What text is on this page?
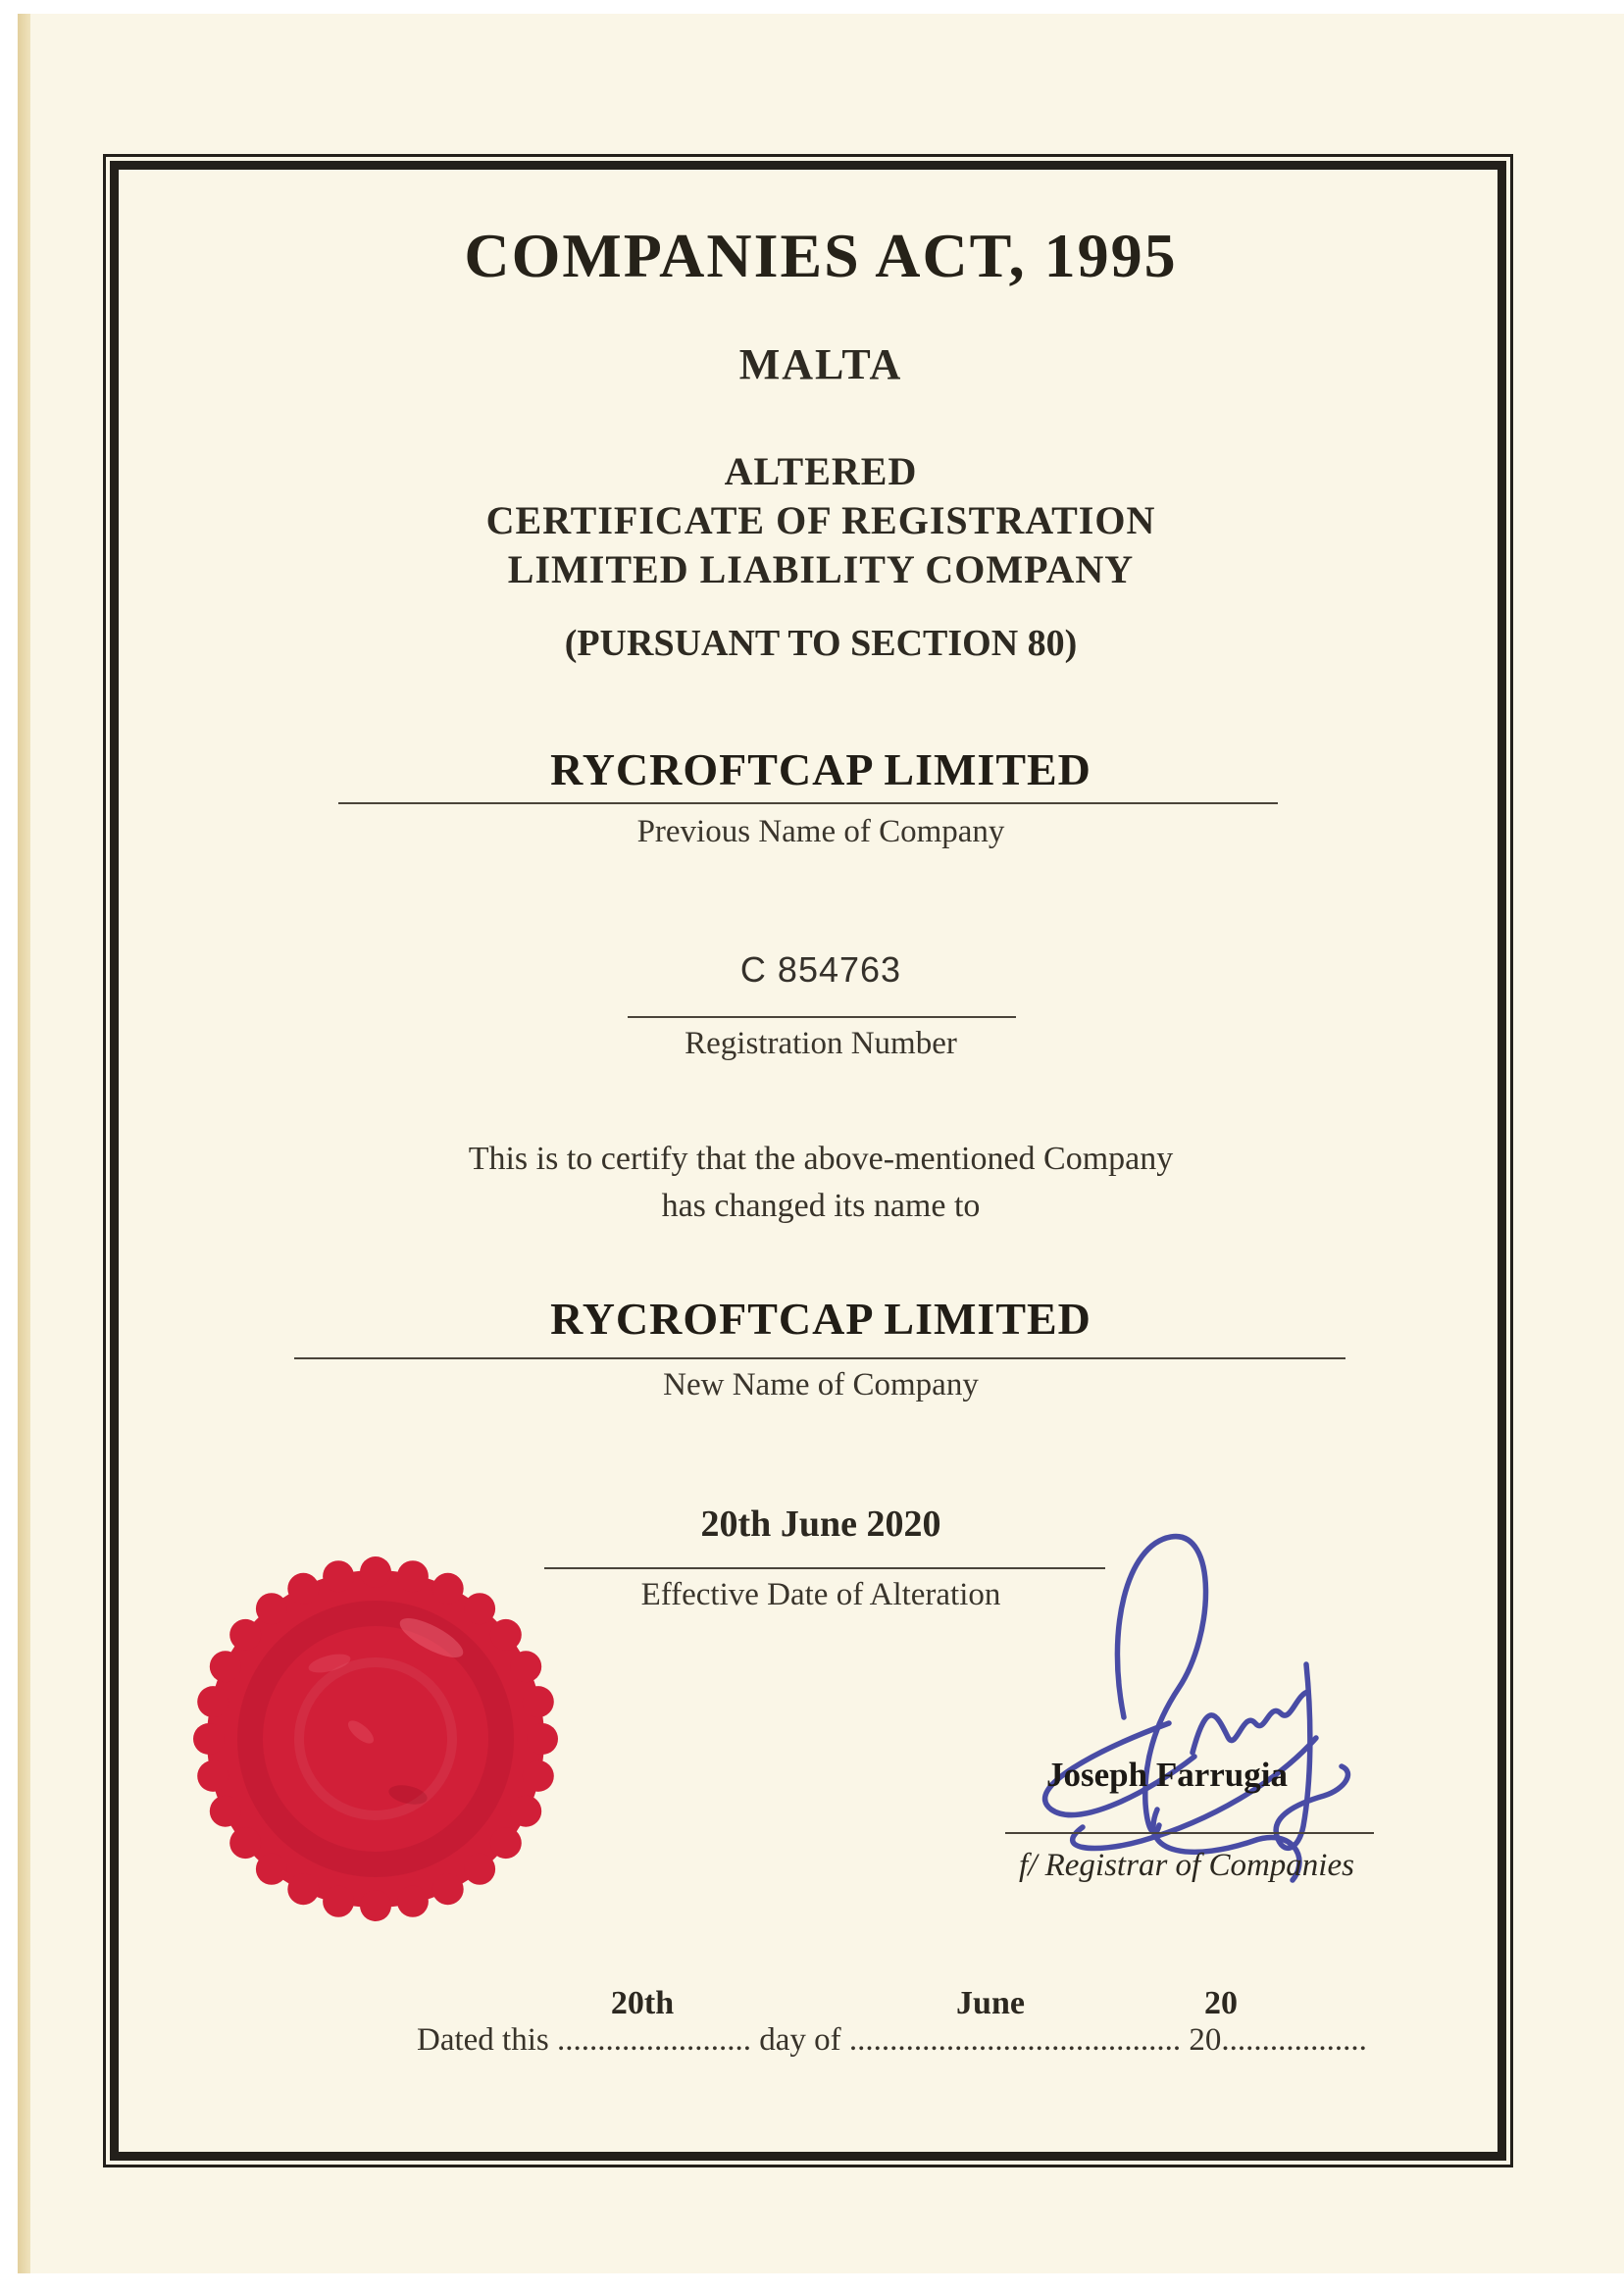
COMPANIES ACT, 1995
MALTA
ALTERED
CERTIFICATE OF REGISTRATION
LIMITED LIABILITY COMPANY
(PURSUANT TO SECTION 80)
RYCROFTCAP LIMITED
Previous Name of Company
C 854763
Registration Number
This is to certify that the above-mentioned Company
has changed its name to
RYCROFTCAP LIMITED
New Name of Company
20th June 2020
Effective Date of Alteration
Joseph Farrugia
f/ Registrar of Companies
20th	June	20
Dated this ........................ day of ......................................... 20..................
